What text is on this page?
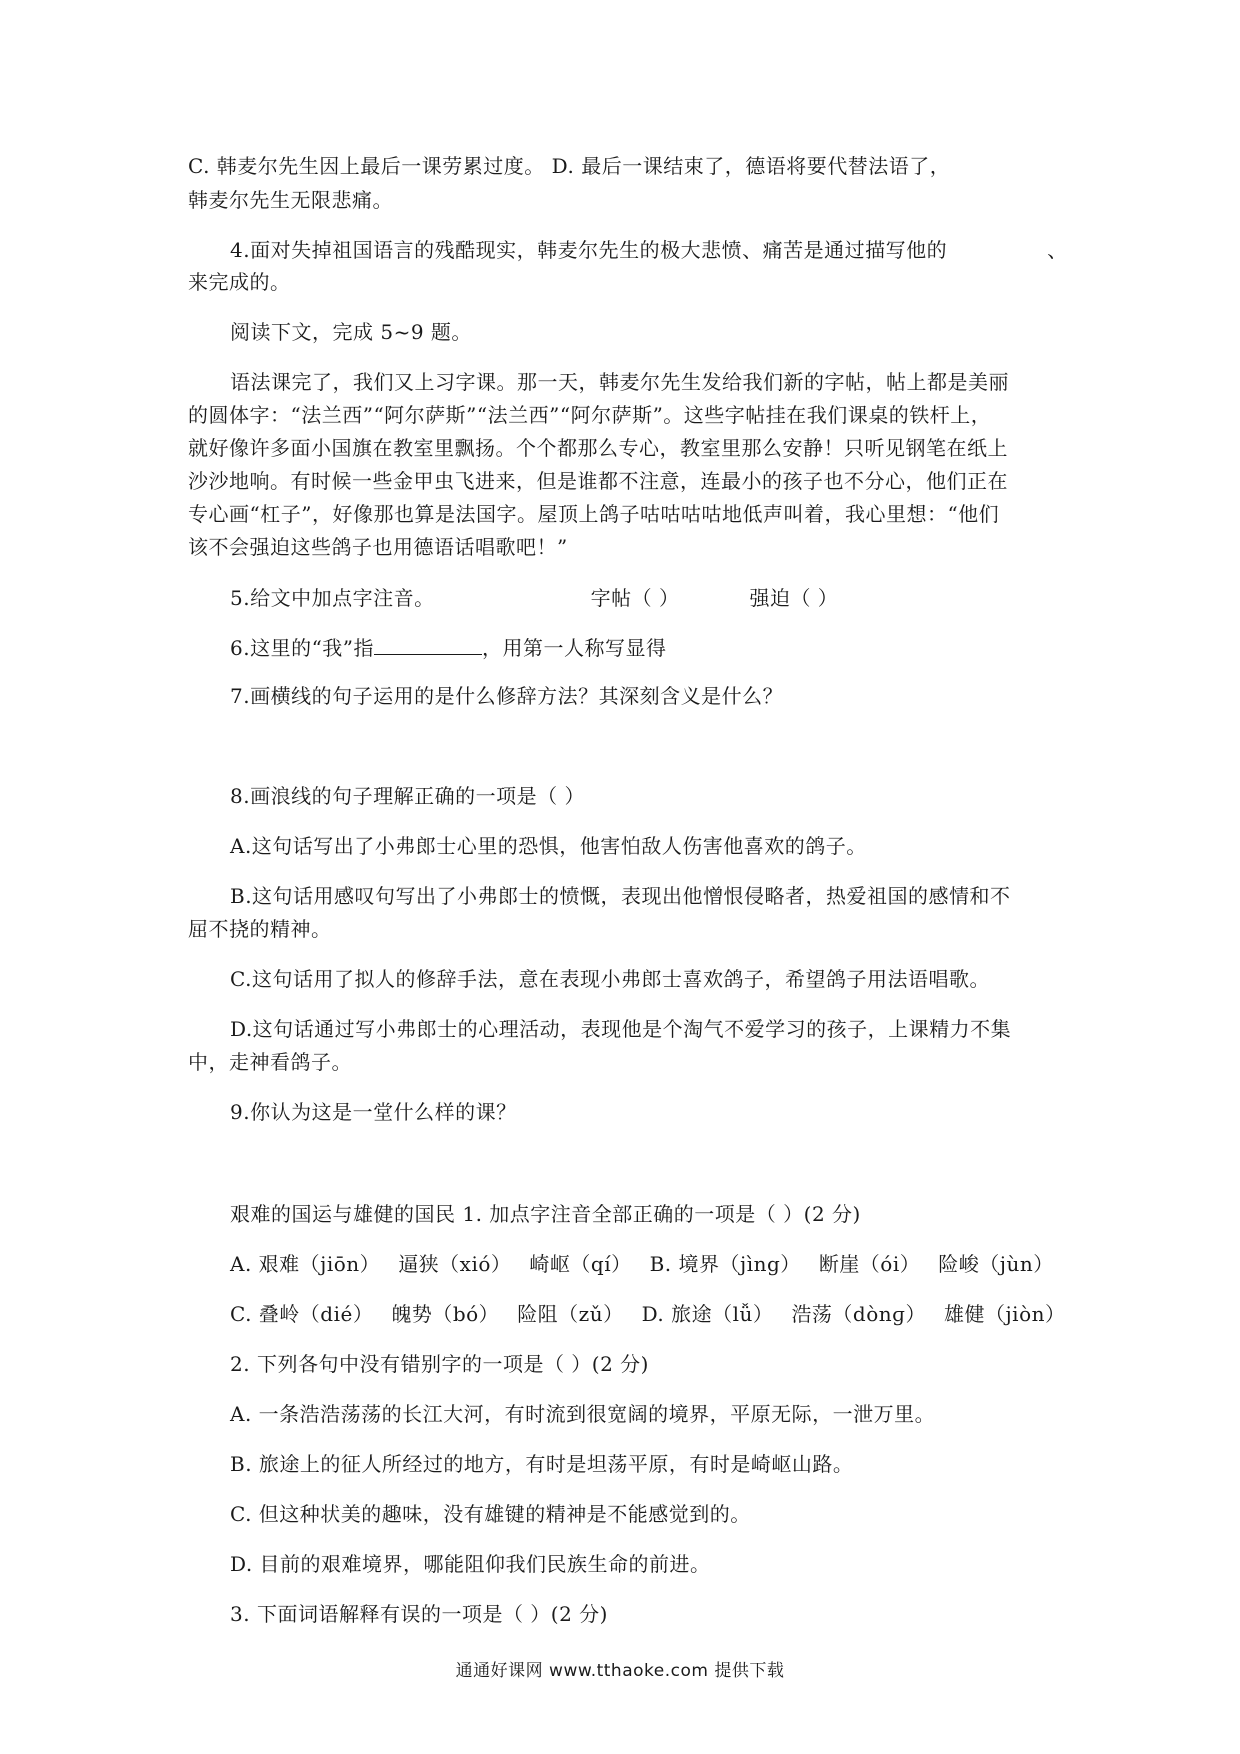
C. 韩麦尔先生因上最后一课劳累过度。 D. 最后一课结束了，德语将要代替法语了，
韩麦尔先生无限悲痛。
4.面对失掉祖国语言的残酷现实，韩麦尔先生的极大悲愤、痛苦是通过描写他的	、
来完成的。
阅读下文，完成 5~9 题。
语法课完了，我们又上习字课。那一天，韩麦尔先生发给我们新的字帖，帖上都是美丽
的圆体字：“法兰西”“阿尔萨斯”“法兰西”“阿尔萨斯”。这些字帖挂在我们课桌的铁杆上，
就好像许多面小国旗在教室里飘扬。个个都那么专心，教室里那么安静！只听见钢笔在纸上
沙沙地响。有时候一些金甲虫飞进来，但是谁都不注意，连最小的孩子也不分心，他们正在
专心画“杠子”，好像那也算是法国字。屋顶上鸽子咕咕咕咕地低声叫着，我心里想：“他们
该不会强迫这些鸽子也用德语话唱歌吧！”
5.给文中加点字注音。	字帖（ ）	强迫（ ）
6.这里的“我”指	，用第一人称写显得
7.画横线的句子运用的是什么修辞方法？其深刻含义是什么？
8.画浪线的句子理解正确的一项是（ ）
A.这句话写出了小弗郎士心里的恐惧，他害怕敌人伤害他喜欢的鸽子。
B.这句话用感叹句写出了小弗郎士的愤慨，表现出他憎恨侵略者，热爱祖国的感情和不
屈不挠的精神。
C.这句话用了拟人的修辞手法，意在表现小弗郎士喜欢鸽子，希望鸽子用法语唱歌。
D.这句话通过写小弗郎士的心理活动，表现他是个淘气不爱学习的孩子，上课精力不集
中，走神看鸽子。
9.你认为这是一堂什么样的课？
艰难的国运与雄健的国民 1. 加点字注音全部正确的一项是（ ）(2 分)
A. 艰难（jiōn） 逼狭（xió） 崎岖（qí） B. 境界（jìng） 断崖（ói） 险峻（jùn）
C. 叠岭（dié） 魄势（bó） 险阻（zǔ） D. 旅途（lǚ） 浩荡（dònɡ） 雄健（jiòn）
2. 下列各句中没有错别字的一项是（ ）(2 分)
A. 一条浩浩荡荡的长江大河，有时流到很宽阔的境界，平原无际，一泄万里。
B. 旅途上的征人所经过的地方，有时是坦荡平原，有时是崎岖山路。
C. 但这种状美的趣味，没有雄键的精神是不能感觉到的。
D. 目前的艰难境界，哪能阻仰我们民族生命的前进。
3. 下面词语解释有误的一项是（ ）(2 分)
通通好课网 www.tthaoke.com 提供下载
